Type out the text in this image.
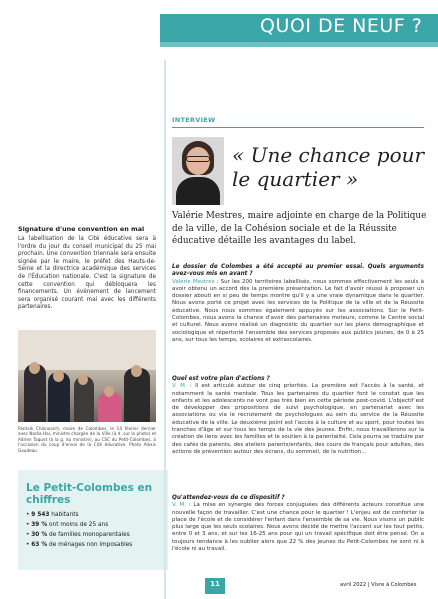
QUOI DE NEUF ?
Signature d'une convention en mai
La labellisation de la Cité éducative sera à l'ordre du jour du conseil municipal du 25 mai prochain. Une convention triennale sera ensuite signée par le maire, le préfet des Hauts-de-Seine et la directrice académique des services de l'Éducation nationale. C'est la signature de cette convention qui débloquera les financements. Un événement de lancement sera organisé courant mai avec les différents partenaires.
Pantxik Chainovich, maire de Colombes, le 14 février dernier avec Nadia Hai, ministre chargée de la Ville (à d. sur la photo) et Adrien Taquet (à la g. du ministre), au CSC du Petit-Colombes, à l'occasion du coup d'envoi de la Cité éducative. Photo Alexis Goudeau
Le Petit-Colombes en chiffres
• 9 543 habitants
• 39 % ont moins de 25 ans
• 30 % de familles monoparentales
• 63 % de ménages non imposables
INTERVIEW
« Une chance pour le quartier »
Valérie Mestres, maire adjointe en charge de la Politique de la ville, de la Cohésion sociale et de la Réussite éducative détaille les avantages du label.
Le dossier de Colombes a été accepté au premier essai. Quels arguments avez-vous mis en avant ?
Valérie Mestres : Sur les 200 territoires labellisés, nous sommes effectivement les seuls à avoir obtenu un accord dès la première présentation. Le fait d'avoir réussi à proposer un dossier abouti en si peu de temps montre qu'il y a une vraie dynamique dans le quartier. Nous avons porté ce projet avec les services de la Politique de la ville et de la Réussite éducative. Nous nous sommes également appuyés sur les associations. Sur le Petit-Colombes, nous avons la chance d'avoir des partenaires moteurs, comme le Centre social et culturel. Nous avons réalisé un diagnostic du quartier sur les plans démographique et sociologique et répertorié l'ensemble des services proposés aux publics jeunes, de 0 à 25 ans, sur tous les temps, scolaires et extrascolaires.
Quel est votre plan d'actions ?
V. M. : Il est articulé autour de cinq priorités. La première est l'accès à la santé, et notamment la santé mentale. Tous les partenaires du quartier font le constat que les enfants et les adolescents ne vont pas très bien en cette période post-covid. L'objectif est de développer des propositions de suivi psychologique, en partenariat avec les associations ou via le recrutement de psychologues au sein du service de la Réussite éducative de la ville. Le deuxième point est l'accès à la culture et au sport, pour toutes les tranches d'âge et sur tous les temps de la vie des jeunes. Enfin, nous travaillerons sur la création de liens avec les familles et le soutien à la parentalité. Cela pourra se traduire par des cafés de parents, des ateliers parents/enfants, des cours de français pour adultes, des actions de prévention autour des écrans, du sommeil, de la nutrition…
Qu'attendez-vous de ce dispositif ?
V. M. : La mise en synergie des forces conjuguées des différents acteurs constitue une nouvelle façon de travailler. C'est une chance pour le quartier ! L'enjeu est de conforter la place de l'école et de considérer l'enfant dans l'ensemble de sa vie. Nous visons un public plus large que les seuls scolaires. Nous avons décidé de mettre l'accent sur les tout petits, entre 0 et 3 ans, et sur les 16-25 ans pour qui un travail spécifique doit être pensé. On a toujours tendance à les oublier alors que 22 % des jeunes du Petit-Colombes ne sont ni à l'école ni au travail.
11	avril 2022 | Vivre à Colombes
